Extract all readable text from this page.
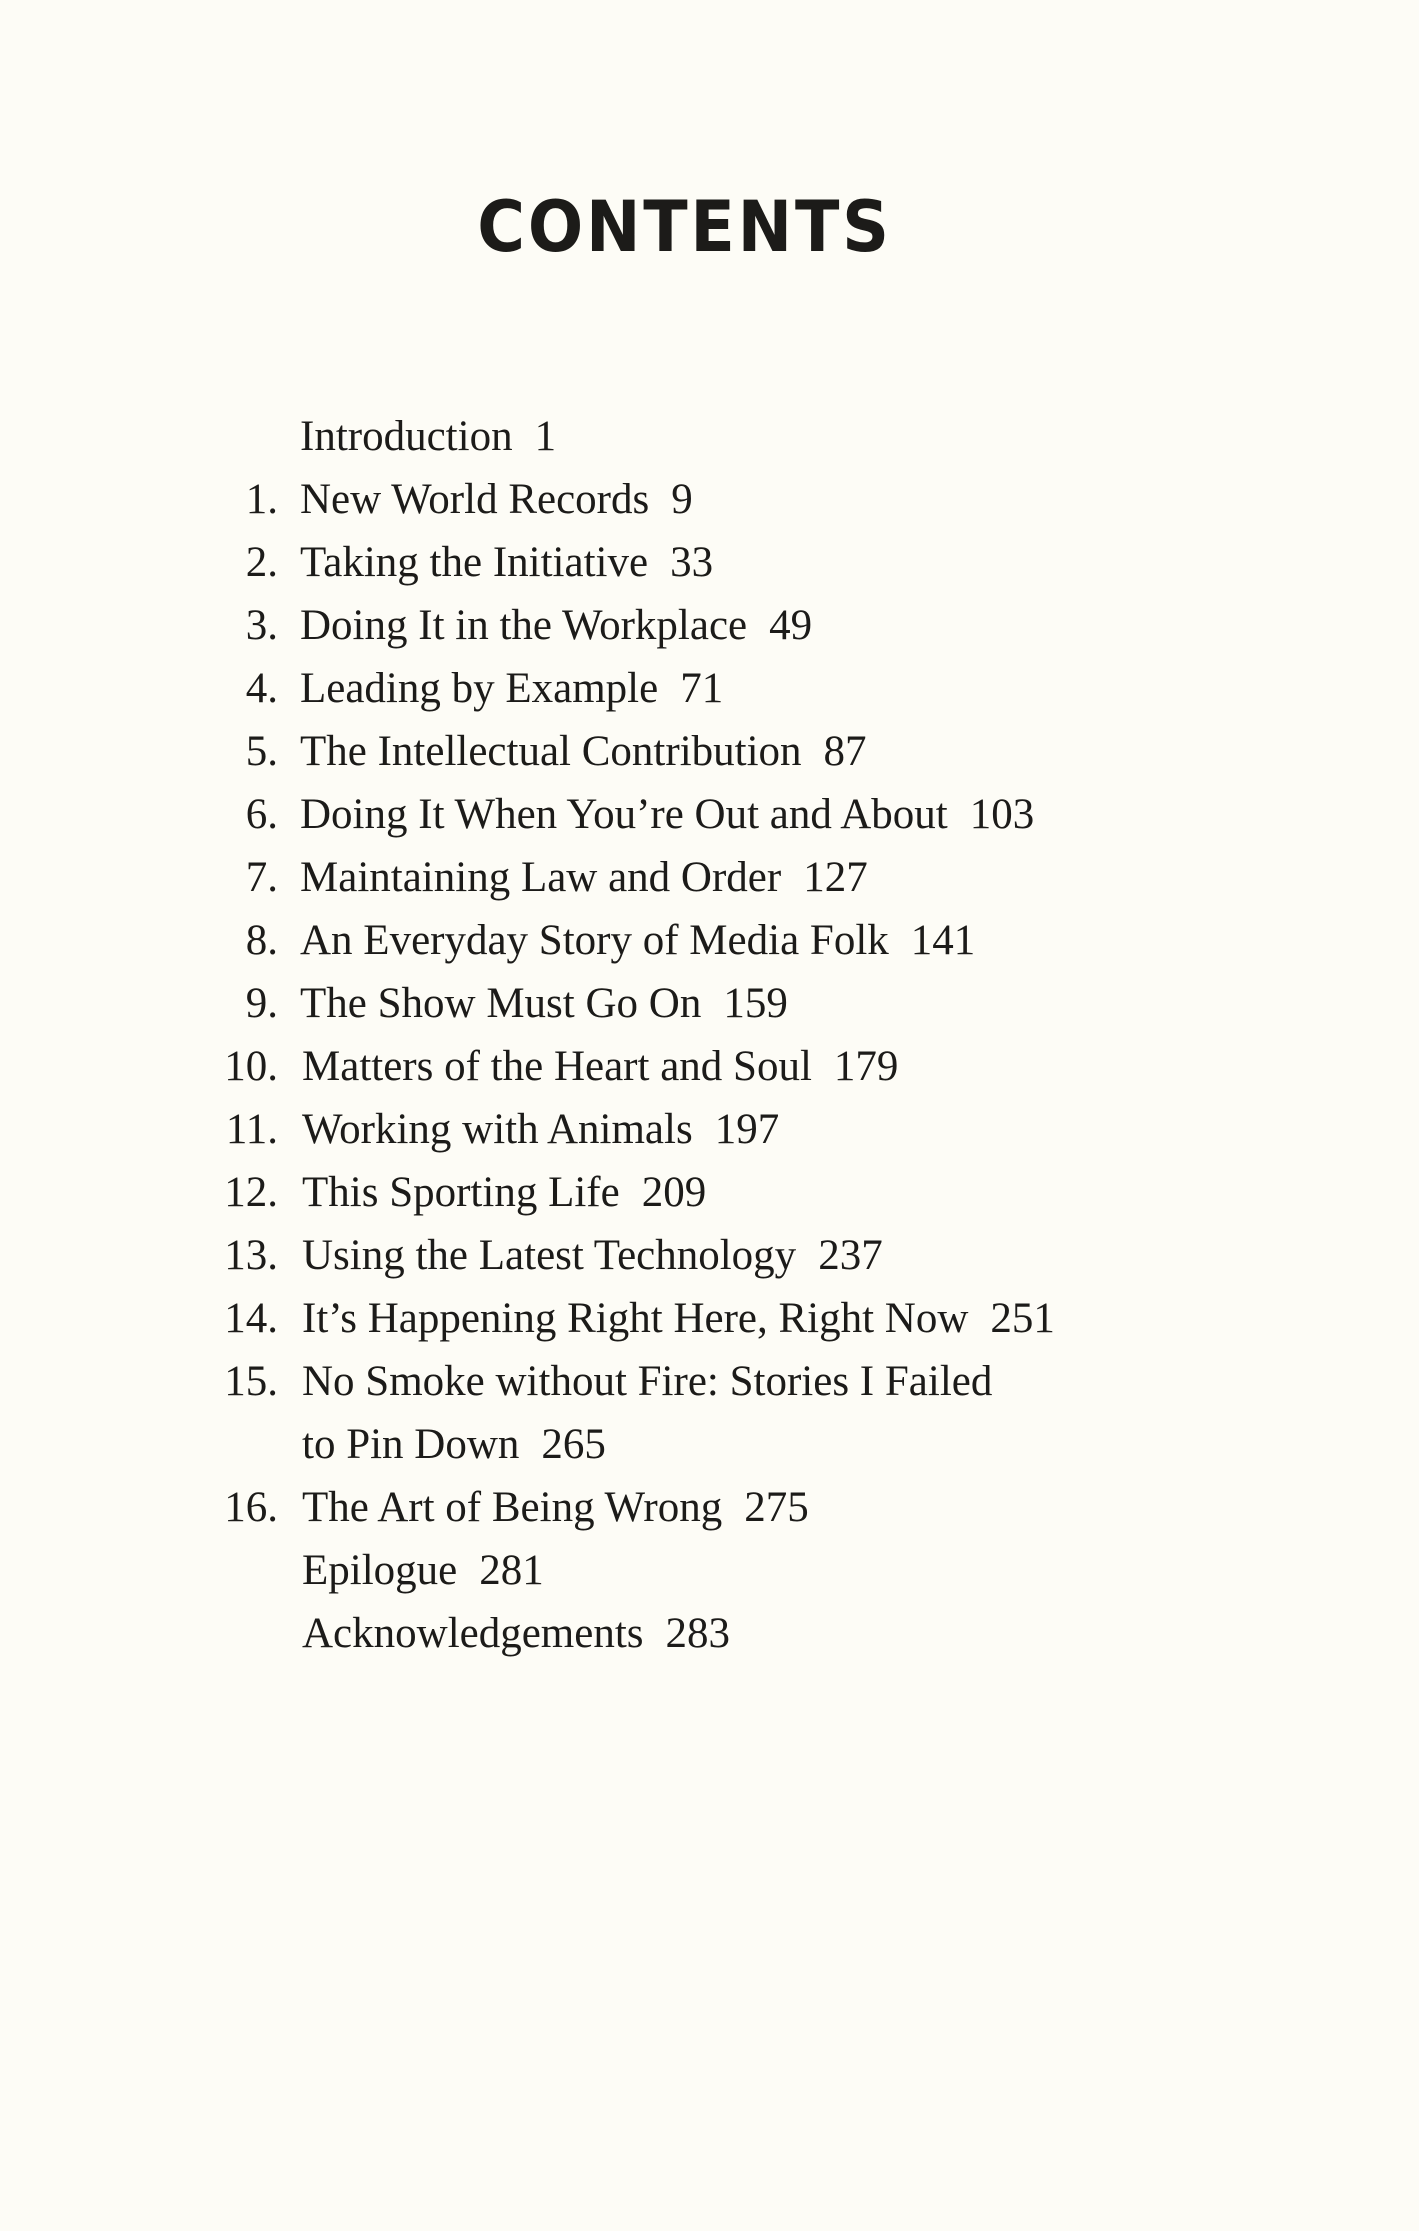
CONTENTS
Introduction 1
1. New World Records 9
2. Taking the Initiative 33
3. Doing It in the Workplace 49
4. Leading by Example 71
5. The Intellectual Contribution 87
6. Doing It When You’re Out and About 103
7. Maintaining Law and Order 127
8. An Everyday Story of Media Folk 141
9. The Show Must Go On 159
10. Matters of the Heart and Soul 179
11. Working with Animals 197
12. This Sporting Life 209
13. Using the Latest Technology 237
14. It’s Happening Right Here, Right Now 251
15. No Smoke without Fire: Stories I Failed
to Pin Down 265
16. The Art of Being Wrong 275
Epilogue 281
Acknowledgements 283
